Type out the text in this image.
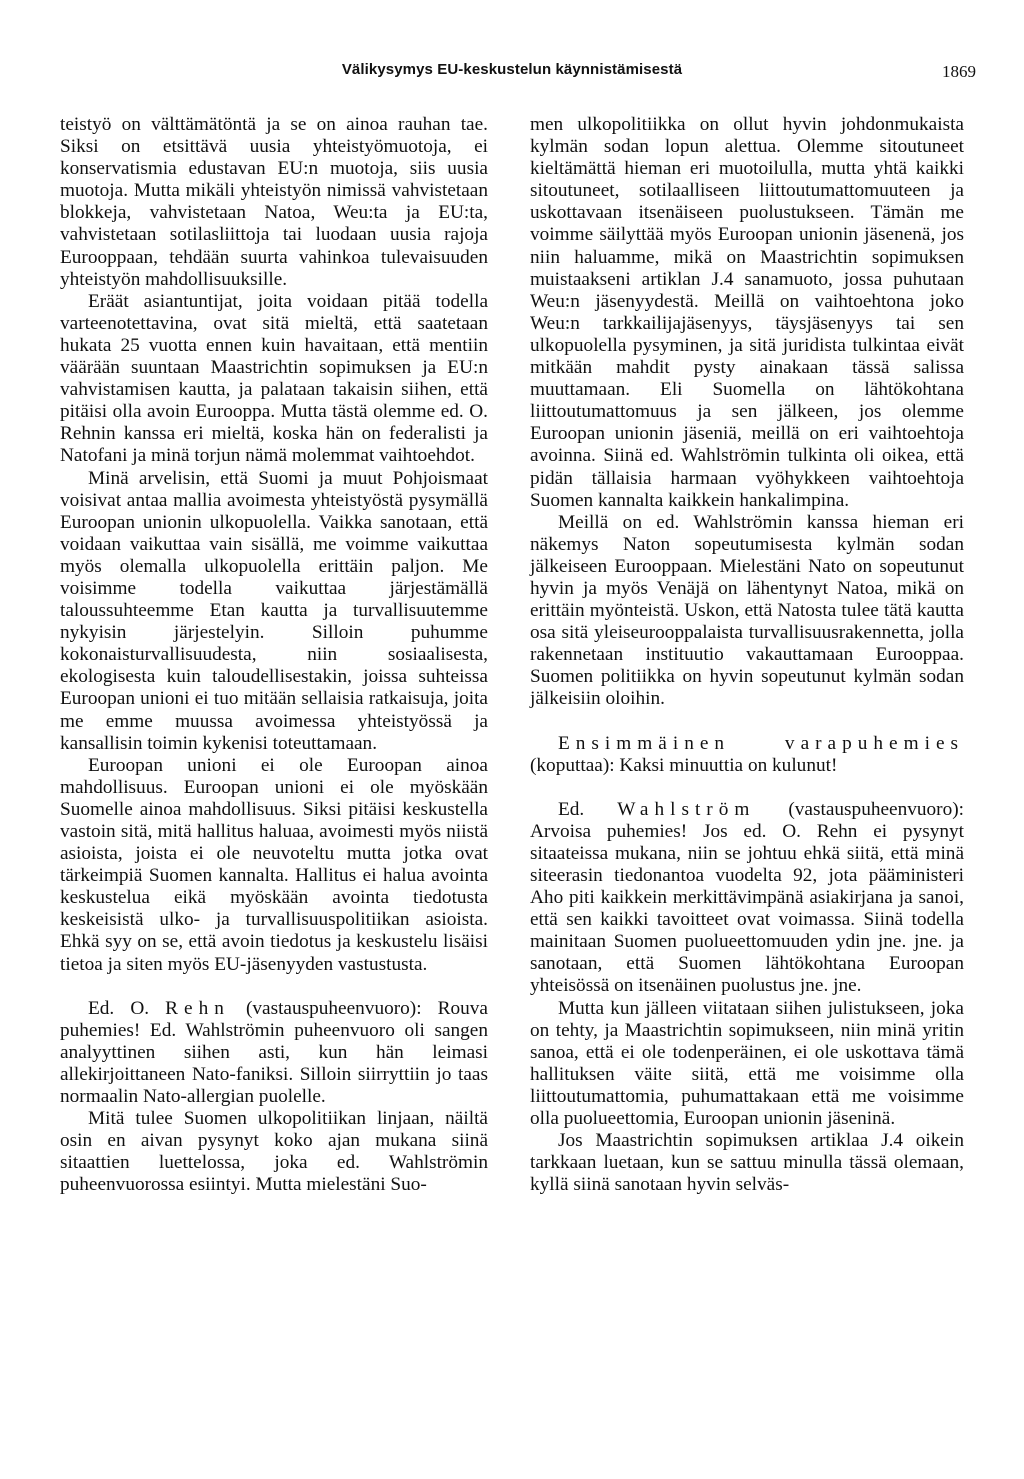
Välikysymys EU-keskustelun käynnistämisestä	1869

teistyö on välttämätöntä ja se on ainoa rauhan tae. Siksi on etsittävä uusia yhteistyömuotoja, ei konservatismia edustavan EU:n muotoja, siis uusia muotoja. Mutta mikäli yhteistyön nimissä vahvistetaan blokkeja, vahvistetaan Natoa, Weu:ta ja EU:ta, vahvistetaan sotilasliittoja tai luodaan uusia rajoja Eurooppaan, tehdään suurta vahinkoa tulevaisuuden yhteistyön mahdollisuuksille.

Eräät asiantuntijat, joita voidaan pitää todella varteenotettavina, ovat sitä mieltä, että saatetaan hukata 25 vuotta ennen kuin havaitaan, että mentiin väärään suuntaan Maastrichtin sopimuksen ja EU:n vahvistamisen kautta, ja palataan takaisin siihen, että pitäisi olla avoin Eurooppa. Mutta tästä olemme ed. O. Rehnin kanssa eri mieltä, koska hän on federalisti ja Natofani ja minä torjun nämä molemmat vaihtoehdot.

Minä arvelisin, että Suomi ja muut Pohjoismaat voisivat antaa mallia avoimesta yhteistyöstä pysymällä Euroopan unionin ulkopuolella. Vaikka sanotaan, että voidaan vaikuttaa vain sisällä, me voimme vaikuttaa myös olemalla ulkopuolella erittäin paljon. Me voisimme todella vaikuttaa järjestämällä taloussuhteemme Etan kautta ja turvallisuutemme nykyisin järjestelyin. Silloin puhumme kokonaisturvallisuudesta, niin sosiaalisesta, ekologisesta kuin taloudellisestakin, joissa suhteissa Euroopan unioni ei tuo mitään sellaisia ratkaisuja, joita me emme muussa avoimessa yhteistyössä ja kansallisin toimin kykenisi toteuttamaan.

Euroopan unioni ei ole Euroopan ainoa mahdollisuus. Euroopan unioni ei ole myöskään Suomelle ainoa mahdollisuus. Siksi pitäisi keskustella vastoin sitä, mitä hallitus haluaa, avoimesti myös niistä asioista, joista ei ole neuvoteltu mutta jotka ovat tärkeimpiä Suomen kannalta. Hallitus ei halua avointa keskustelua eikä myöskään avointa tiedotusta keskeisistä ulko- ja turvallisuuspolitiikan asioista. Ehkä syy on se, että avoin tiedotus ja keskustelu lisäisi tietoa ja siten myös EU-jäsenyyden vastustusta.

Ed. O. Rehn (vastauspuheenvuoro): Rouva puhemies! Ed. Wahlströmin puheenvuoro oli sangen analyyttinen siihen asti, kun hän leimasi allekirjoittaneen Nato-faniksi. Silloin siirryttiin jo taas normaalin Nato-allergian puolelle.

Mitä tulee Suomen ulkopolitiikan linjaan, näiltä osin en aivan pysynyt koko ajan mukana siinä sitaattien luettelossa, joka ed. Wahlströmin puheenvuorossa esiintyi. Mutta mielestäni Suo-

men ulkopolitiikka on ollut hyvin johdonmukaista kylmän sodan lopun alettua. Olemme sitoutuneet kieltämättä hieman eri muotoilulla, mutta yhtä kaikki sitoutuneet, sotilaalliseen liittoutumattomuuteen ja uskottavaan itsenäiseen puolustukseen. Tämän me voimme säilyttää myös Euroopan unionin jäsenenä, jos niin haluamme, mikä on Maastrichtin sopimuksen muistaakseni artiklan J.4 sanamuoto, jossa puhutaan Weu:n jäsenyydestä. Meillä on vaihtoehtona joko Weu:n tarkkailijajäsenyys, täysjäsenyys tai sen ulkopuolella pysyminen, ja sitä juridista tulkintaa eivät mitkään mahdit pysty ainakaan tässä salissa muuttamaan. Eli Suomella on lähtökohtana liittoutumattomuus ja sen jälkeen, jos olemme Euroopan unionin jäseniä, meillä on eri vaihtoehtoja avoinna. Siinä ed. Wahlströmin tulkinta oli oikea, että pidän tällaisia harmaan vyöhykkeen vaihtoehtoja Suomen kannalta kaikkein hankalimpina.

Meillä on ed. Wahlströmin kanssa hieman eri näkemys Naton sopeutumisesta kylmän sodan jälkeiseen Eurooppaan. Mielestäni Nato on sopeutunut hyvin ja myös Venäjä on lähentynyt Natoa, mikä on erittäin myönteistä. Uskon, että Natosta tulee tätä kautta osa sitä yleiseurooppalaista turvallisuusrakennetta, jolla rakennetaan instituutio vakauttamaan Eurooppaa. Suomen politiikka on hyvin sopeutunut kylmän sodan jälkeisiin oloihin.

Ensimmäinen varapuhemies (koputtaa): Kaksi minuuttia on kulunut!

Ed. Wahlström (vastauspuheenvuoro): Arvoisa puhemies! Jos ed. O. Rehn ei pysynyt sitaateissa mukana, niin se johtuu ehkä siitä, että minä siteerasin tiedonantoa vuodelta 92, jota pääministeri Aho piti kaikkein merkittävimpänä asiakirjana ja sanoi, että sen kaikki tavoitteet ovat voimassa. Siinä todella mainitaan Suomen puolueettomuuden ydin jne. jne. ja sanotaan, että Suomen lähtökohtana Euroopan yhteisössä on itsenäinen puolustus jne. jne.

Mutta kun jälleen viitataan siihen julistukseen, joka on tehty, ja Maastrichtin sopimukseen, niin minä yritin sanoa, että ei ole todenperäinen, ei ole uskottava tämä hallituksen väite siitä, että me voisimme olla liittoutumattomia, puhumattakaan että me voisimme olla puolueettomia, Euroopan unionin jäseninä.

Jos Maastrichtin sopimuksen artiklaa J.4 oikein tarkkaan luetaan, kun se sattuu minulla tässä olemaan, kyllä siinä sanotaan hyvin selväs-
